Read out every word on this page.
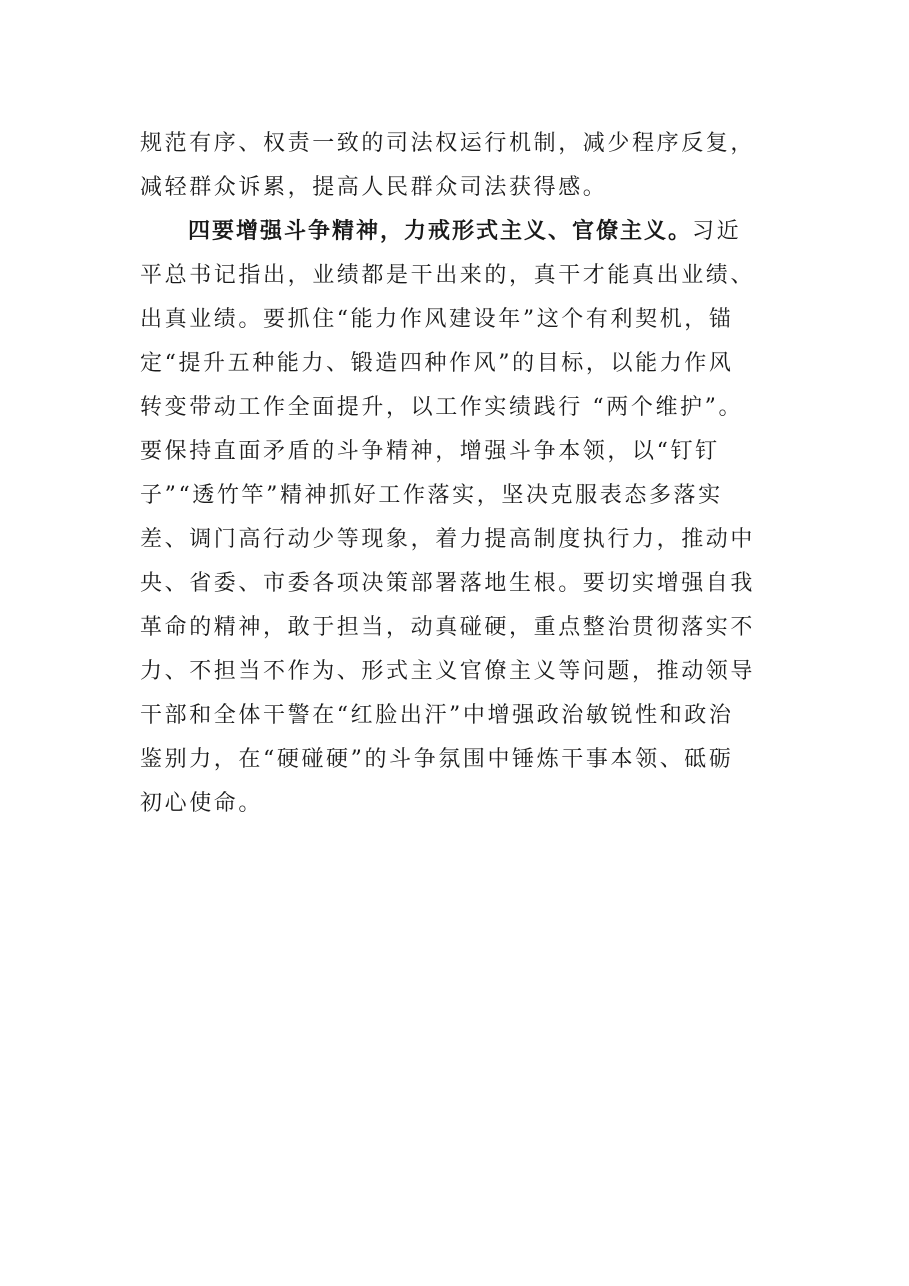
规范有序、权责一致的司法权运行机制，减少程序反复，
减轻群众诉累，提高人民群众司法获得感。
四要增强斗争精神，力戒形式主义、官僚主义。习近
平总书记指出，业绩都是干出来的，真干才能真出业绩、
出真业绩。要抓住“能力作风建设年”这个有利契机，锚
定“提升五种能力、锻造四种作风”的目标，以能力作风
转变带动工作全面提升，以工作实绩践行 “两个维护”。
要保持直面矛盾的斗争精神，增强斗争本领，以“钉钉
子”“透竹竿”精神抓好工作落实，坚决克服表态多落实
差、调门高行动少等现象，着力提高制度执行力，推动中
央、省委、市委各项决策部署落地生根。要切实增强自我
革命的精神，敢于担当，动真碰硬，重点整治贯彻落实不
力、不担当不作为、形式主义官僚主义等问题，推动领导
干部和全体干警在“红脸出汗”中增强政治敏锐性和政治
鉴别力，在“硬碰硬”的斗争氛围中锤炼干事本领、砥砺
初心使命。
